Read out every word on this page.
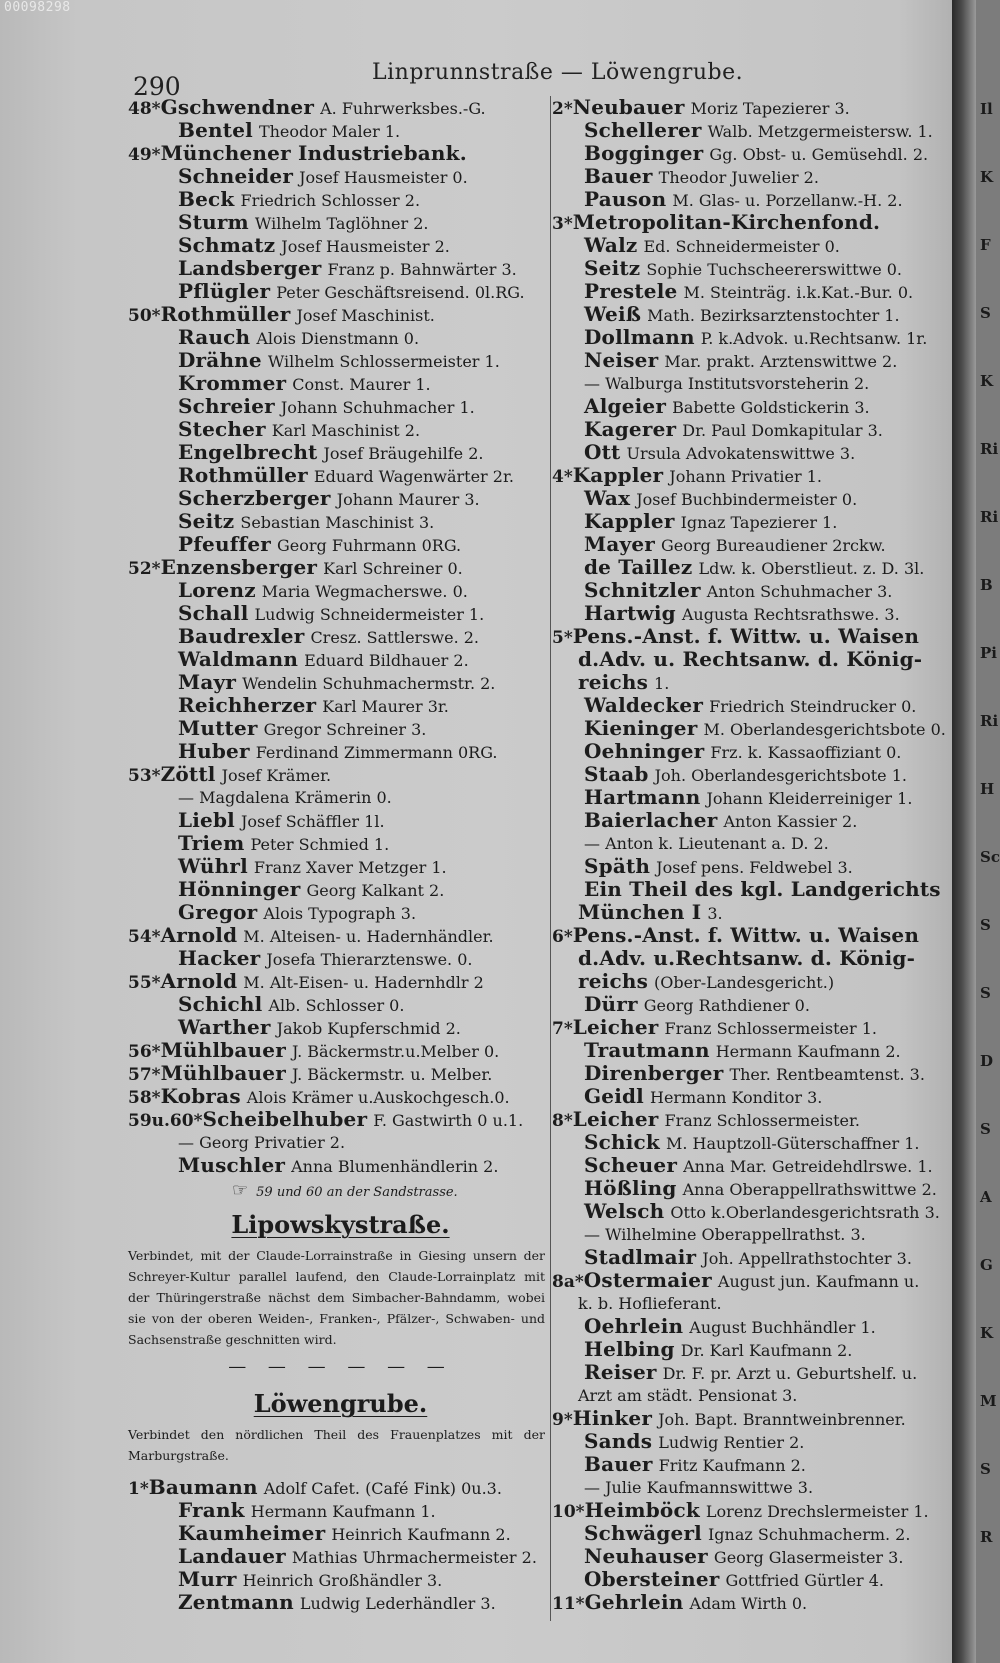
00098298
290	Linprunnstraße — Löwengrube.
48*Gschwendner A. Fuhrwerksbes.-G.
Bentel Theodor Maler 1.
49*Münchener Industriebank.
Schneider Josef Hausmeister 0.
Beck Friedrich Schlosser 2.
Sturm Wilhelm Taglöhner 2.
Schmatz Josef Hausmeister 2.
Landsberger Franz p. Bahnwärter 3.
Pflügler Peter Geschäftsreisend. 0l.RG.
50*Rothmüller Josef Maschinist.
Rauch Alois Dienstmann 0.
Drähne Wilhelm Schlossermeister 1.
Krommer Const. Maurer 1.
Schreier Johann Schuhmacher 1.
Stecher Karl Maschinist 2.
Engelbrecht Josef Bräugehilfe 2.
Rothmüller Eduard Wagenwärter 2r.
Scherzberger Johann Maurer 3.
Seitz Sebastian Maschinist 3.
Pfeuffer Georg Fuhrmann 0RG.
52*Enzensberger Karl Schreiner 0.
Lorenz Maria Wegmacherswe. 0.
Schall Ludwig Schneidermeister 1.
Baudrexler Cresz. Sattlerswe. 2.
Waldmann Eduard Bildhauer 2.
Mayr Wendelin Schuhmachermstr. 2.
Reichherzer Karl Maurer 3r.
Mutter Gregor Schreiner 3.
Huber Ferdinand Zimmermann 0RG.
53*Zöttl Josef Krämer.
— Magdalena Krämerin 0.
Liebl Josef Schäffler 1l.
Triem Peter Schmied 1.
Wührl Franz Xaver Metzger 1.
Hönninger Georg Kalkant 2.
Gregor Alois Typograph 3.
54*Arnold M. Alteisen- u. Hadernhändler.
Hacker Josefa Thierarztenswe. 0.
55*Arnold M. Alt-Eisen- u. Hadernhdlr 2
Schichl Alb. Schlosser 0.
Warther Jakob Kupferschmid 2.
56*Mühlbauer J. Bäckermstr.u.Melber 0.
57*Mühlbauer J. Bäckermstr. u. Melber.
58*Kobras Alois Krämer u.Auskochgesch.0.
59u.60*Scheibelhuber F. Gastwirth 0 u.1.
— Georg Privatier 2.
Muschler Anna Blumenhändlerin 2.
☞ 59 und 60 an der Sandstrasse.
Lipowskystraße.
Verbindet, mit der Claude-Lorrainstraße in Giesing unsern der Schreyer-Kultur parallel laufend, den Claude-Lorrainplatz mit der Thüringerstraße nächst dem Simbacher-Bahndamm, wobei sie von der oberen Weiden-, Franken-, Pfälzer-, Schwaben- und Sachsenstraße geschnitten wird.
— — — — — —
Löwengrube.
Verbindet den nördlichen Theil des Frauenplatzes mit der Marburgstraße.
1*Baumann Adolf Cafet. (Café Fink) 0u.3.
Frank Hermann Kaufmann 1.
Kaumheimer Heinrich Kaufmann 2.
Landauer Mathias Uhrmachermeister 2.
Murr Heinrich Großhändler 3.
Zentmann Ludwig Lederhändler 3.
2*Neubauer Moriz Tapezierer 3.
Schellerer Walb. Metzgermeistersw. 1.
Bogginger Gg. Obst- u. Gemüsehdl. 2.
Bauer Theodor Juwelier 2.
Pauson M. Glas- u. Porzellanw.-H. 2.
3*Metropolitan-Kirchenfond.
Walz Ed. Schneidermeister 0.
Seitz Sophie Tuchscheererswittwe 0.
Prestele M. Steinträg. i.k.Kat.-Bur. 0.
Weiß Math. Bezirksarztenstochter 1.
Dollmann P. k.Advok. u.Rechtsanw. 1r.
Neiser Mar. prakt. Arztenswittwe 2.
— Walburga Institutsvorsteherin 2.
Algeier Babette Goldstickerin 3.
Kagerer Dr. Paul Domkapitular 3.
Ott Ursula Advokatenswittwe 3.
4*Kappler Johann Privatier 1.
Wax Josef Buchbindermeister 0.
Kappler Ignaz Tapezierer 1.
Mayer Georg Bureaudiener 2rckw.
de Taillez Ldw. k. Oberstlieut. z. D. 3l.
Schnitzler Anton Schuhmacher 3.
Hartwig Augusta Rechtsrathswe. 3.
5*Pens.-Anst. f. Wittw. u. Waisen
d.Adv. u. Rechtsanw. d. König-
reichs 1.
Waldecker Friedrich Steindrucker 0.
Kieninger M. Oberlandesgerichtsbote 0.
Oehninger Frz. k. Kassaoffiziant 0.
Staab Joh. Oberlandesgerichtsbote 1.
Hartmann Johann Kleiderreiniger 1.
Baierlacher Anton Kassier 2.
— Anton k. Lieutenant a. D. 2.
Späth Josef pens. Feldwebel 3.
Ein Theil des kgl. Landgerichts
München I 3.
6*Pens.-Anst. f. Wittw. u. Waisen
d.Adv. u.Rechtsanw. d. König-
reichs (Ober-Landesgericht.)
Dürr Georg Rathdiener 0.
7*Leicher Franz Schlossermeister 1.
Trautmann Hermann Kaufmann 2.
Direnberger Ther. Rentbeamtenst. 3.
Geidl Hermann Konditor 3.
8*Leicher Franz Schlossermeister.
Schick M. Hauptzoll-Güterschaffner 1.
Scheuer Anna Mar. Getreidehdlrswe. 1.
Hößling Anna Oberappellrathswittwe 2.
Welsch Otto k.Oberlandesgerichtsrath 3.
— Wilhelmine Oberappellrathst. 3.
Stadlmair Joh. Appellrathstochter 3.
8a*Ostermaier August jun. Kaufmann u.
k. b. Hoflieferant.
Oehrlein August Buchhändler 1.
Helbing Dr. Karl Kaufmann 2.
Reiser Dr. F. pr. Arzt u. Geburtshelf. u.
Arzt am städt. Pensionat 3.
9*Hinker Joh. Bapt. Branntweinbrenner.
Sands Ludwig Rentier 2.
Bauer Fritz Kaufmann 2.
— Julie Kaufmannswittwe 3.
10*Heimböck Lorenz Drechslermeister 1.
Schwägerl Ignaz Schuhmacherm. 2.
Neuhauser Georg Glasermeister 3.
Obersteiner Gottfried Gürtler 4.
11*Gehrlein Adam Wirth 0.
Il
K
F
S
K
Ri
Ri
B
Pi
Ri
H
Sc
S
S
D
S
A
G
K
M
S
R
